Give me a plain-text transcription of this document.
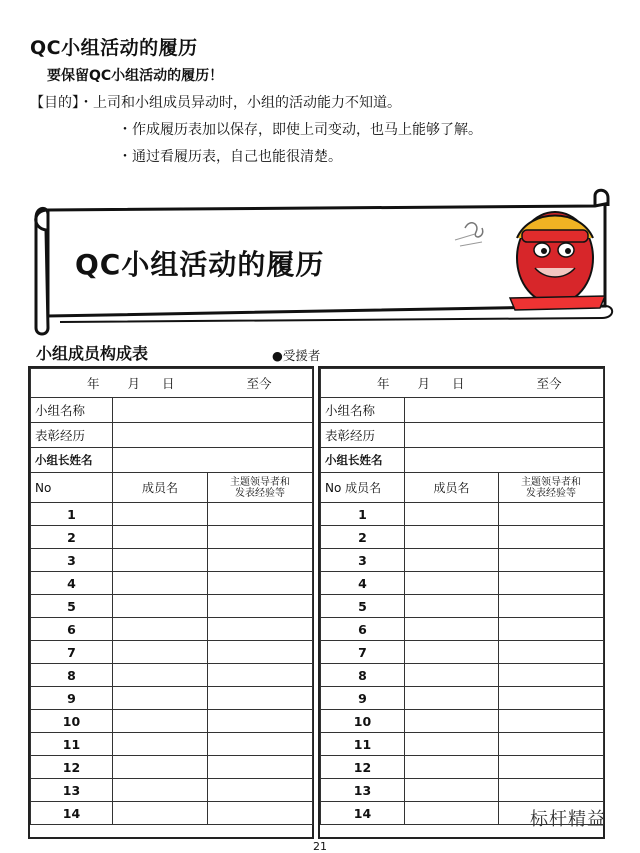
QC小组活动的履历
要保留QC小组活动的履历！
【目的】・上司和小组成员异动时，小组的活动能力不知道。
・作成履历表加以保存，即使上司变动，也马上能够了解。
・通过看履历表，自己也能很清楚。
QC小组活动的履历
小组成员构成表	●受援者
年 月 日 至今		
小组名称		
表彰经历		
小组长姓名		
No	成员名	主题领导者和
发表经验等
1		
2		
3		
4		
5		
6		
7		
8		
9		
10		
11		
12		
13		
14		
年 月 日 至今		
小组名称		
表彰经历		
小组长姓名		
No 成员名	成员名	主题领导者和
发表经验等
1		
2		
3		
4		
5		
6		
7		
8		
9		
10		
11		
12		
13		
14		
21
标杆精益
